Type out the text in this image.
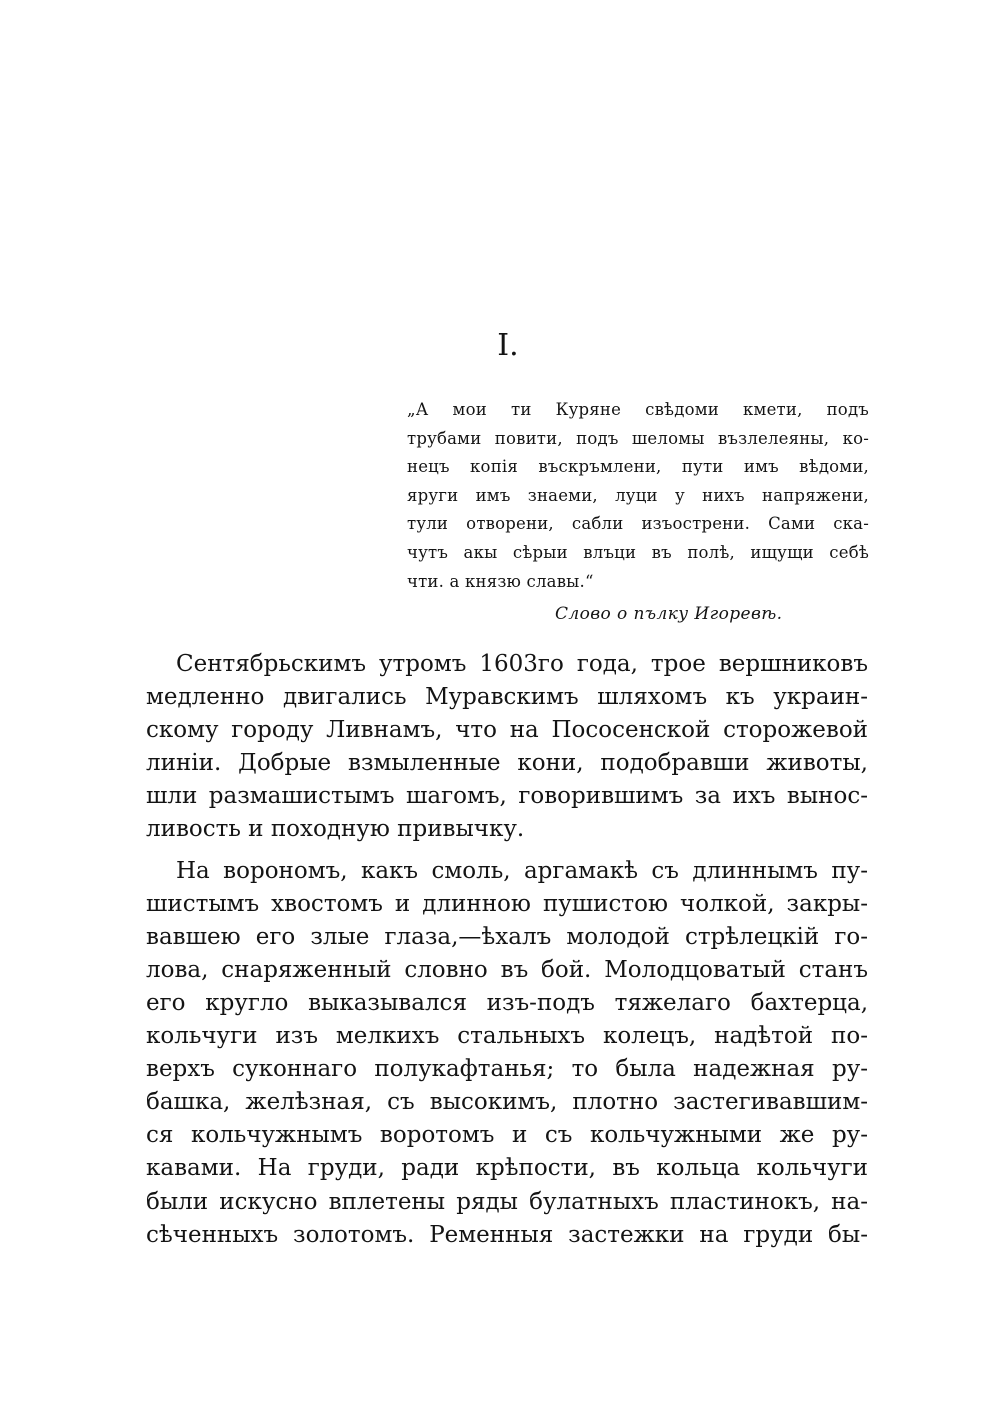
I.
„А мои ти Куряне свѣдоми кмети, подъ
трубами повити, подъ шеломы възлелеяны, ко-
нецъ копія въскръмлени, пути имъ вѣдоми,
яруги имъ знаеми, луци у нихъ напряжени,
тули отворени, сабли изъострени. Сами ска-
чутъ акы сѣрыи влъци въ полѣ, ищущи себѣ
чти. а князю славы.“
Слово о пълку Игоревѣ.
Сентябрьскимъ утромъ 1603го года, трое вершниковъ
медленно двигались Муравскимъ шляхомъ къ украин-
скому городу Ливнамъ, что на Пососенской сторожевой
линіи. Добрые взмыленные кони, подобравши животы,
шли размашистымъ шагомъ, говорившимъ за ихъ вынос-
ливость и походную привычку.
На ворономъ, какъ смоль, аргамакѣ съ длиннымъ пу-
шистымъ хвостомъ и длинною пушистою чолкой, закры-
вавшею его злые глаза,—ѣхалъ молодой стрѣлецкій го-
лова, снаряженный словно въ бой. Молодцоватый станъ
его кругло выказывался изъ-подъ тяжелаго бахтерца,
кольчуги изъ мелкихъ стальныхъ колецъ, надѣтой по-
верхъ суконнаго полукафтанья; то была надежная ру-
башка, желѣзная, съ высокимъ, плотно застегивавшим-
ся кольчужнымъ воротомъ и съ кольчужными же ру-
кавами. На груди, ради крѣпости, въ кольца кольчуги
были искусно вплетены ряды булатныхъ пластинокъ, на-
сѣченныхъ золотомъ. Ременныя застежки на груди бы-
